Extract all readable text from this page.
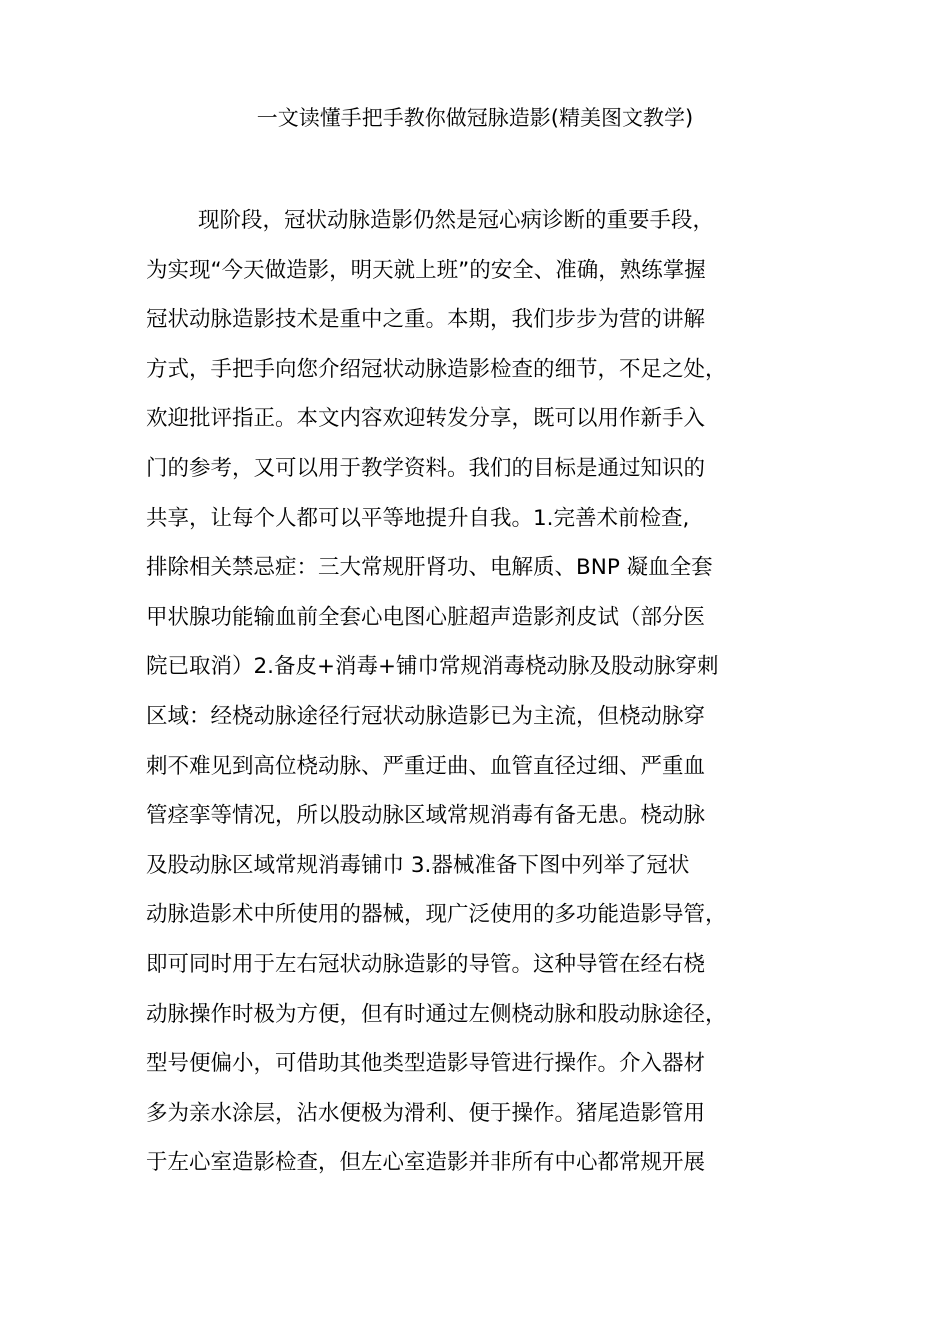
一文读懂手把手教你做冠脉造影(精美图文教学)
现阶段，冠状动脉造影仍然是冠心病诊断的重要手段，
为实现“今天做造影，明天就上班”的安全、准确，熟练掌握
冠状动脉造影技术是重中之重。本期，我们步步为营的讲解
方式，手把手向您介绍冠状动脉造影检查的细节，不足之处，
欢迎批评指正。本文内容欢迎转发分享，既可以用作新手入
门的参考，又可以用于教学资料。我们的目标是通过知识的
共享，让每个人都可以平等地提升自我。1.完善术前检查,
排除相关禁忌症：三大常规肝肾功、电解质、BNP 凝血全套
甲状腺功能输血前全套心电图心脏超声造影剂皮试（部分医
院已取消）2.备皮+消毒+铺巾常规消毒桡动脉及股动脉穿刺
区域：经桡动脉途径行冠状动脉造影已为主流，但桡动脉穿
刺不难见到高位桡动脉、严重迂曲、血管直径过细、严重血
管痉挛等情况，所以股动脉区域常规消毒有备无患。桡动脉
及股动脉区域常规消毒铺巾 3.器械准备下图中列举了冠状
动脉造影术中所使用的器械，现广泛使用的多功能造影导管，
即可同时用于左右冠状动脉造影的导管。这种导管在经右桡
动脉操作时极为方便，但有时通过左侧桡动脉和股动脉途径，
型号便偏小，可借助其他类型造影导管进行操作。介入器材
多为亲水涂层，沾水便极为滑利、便于操作。猪尾造影管用
于左心室造影检查，但左心室造影并非所有中心都常规开展
